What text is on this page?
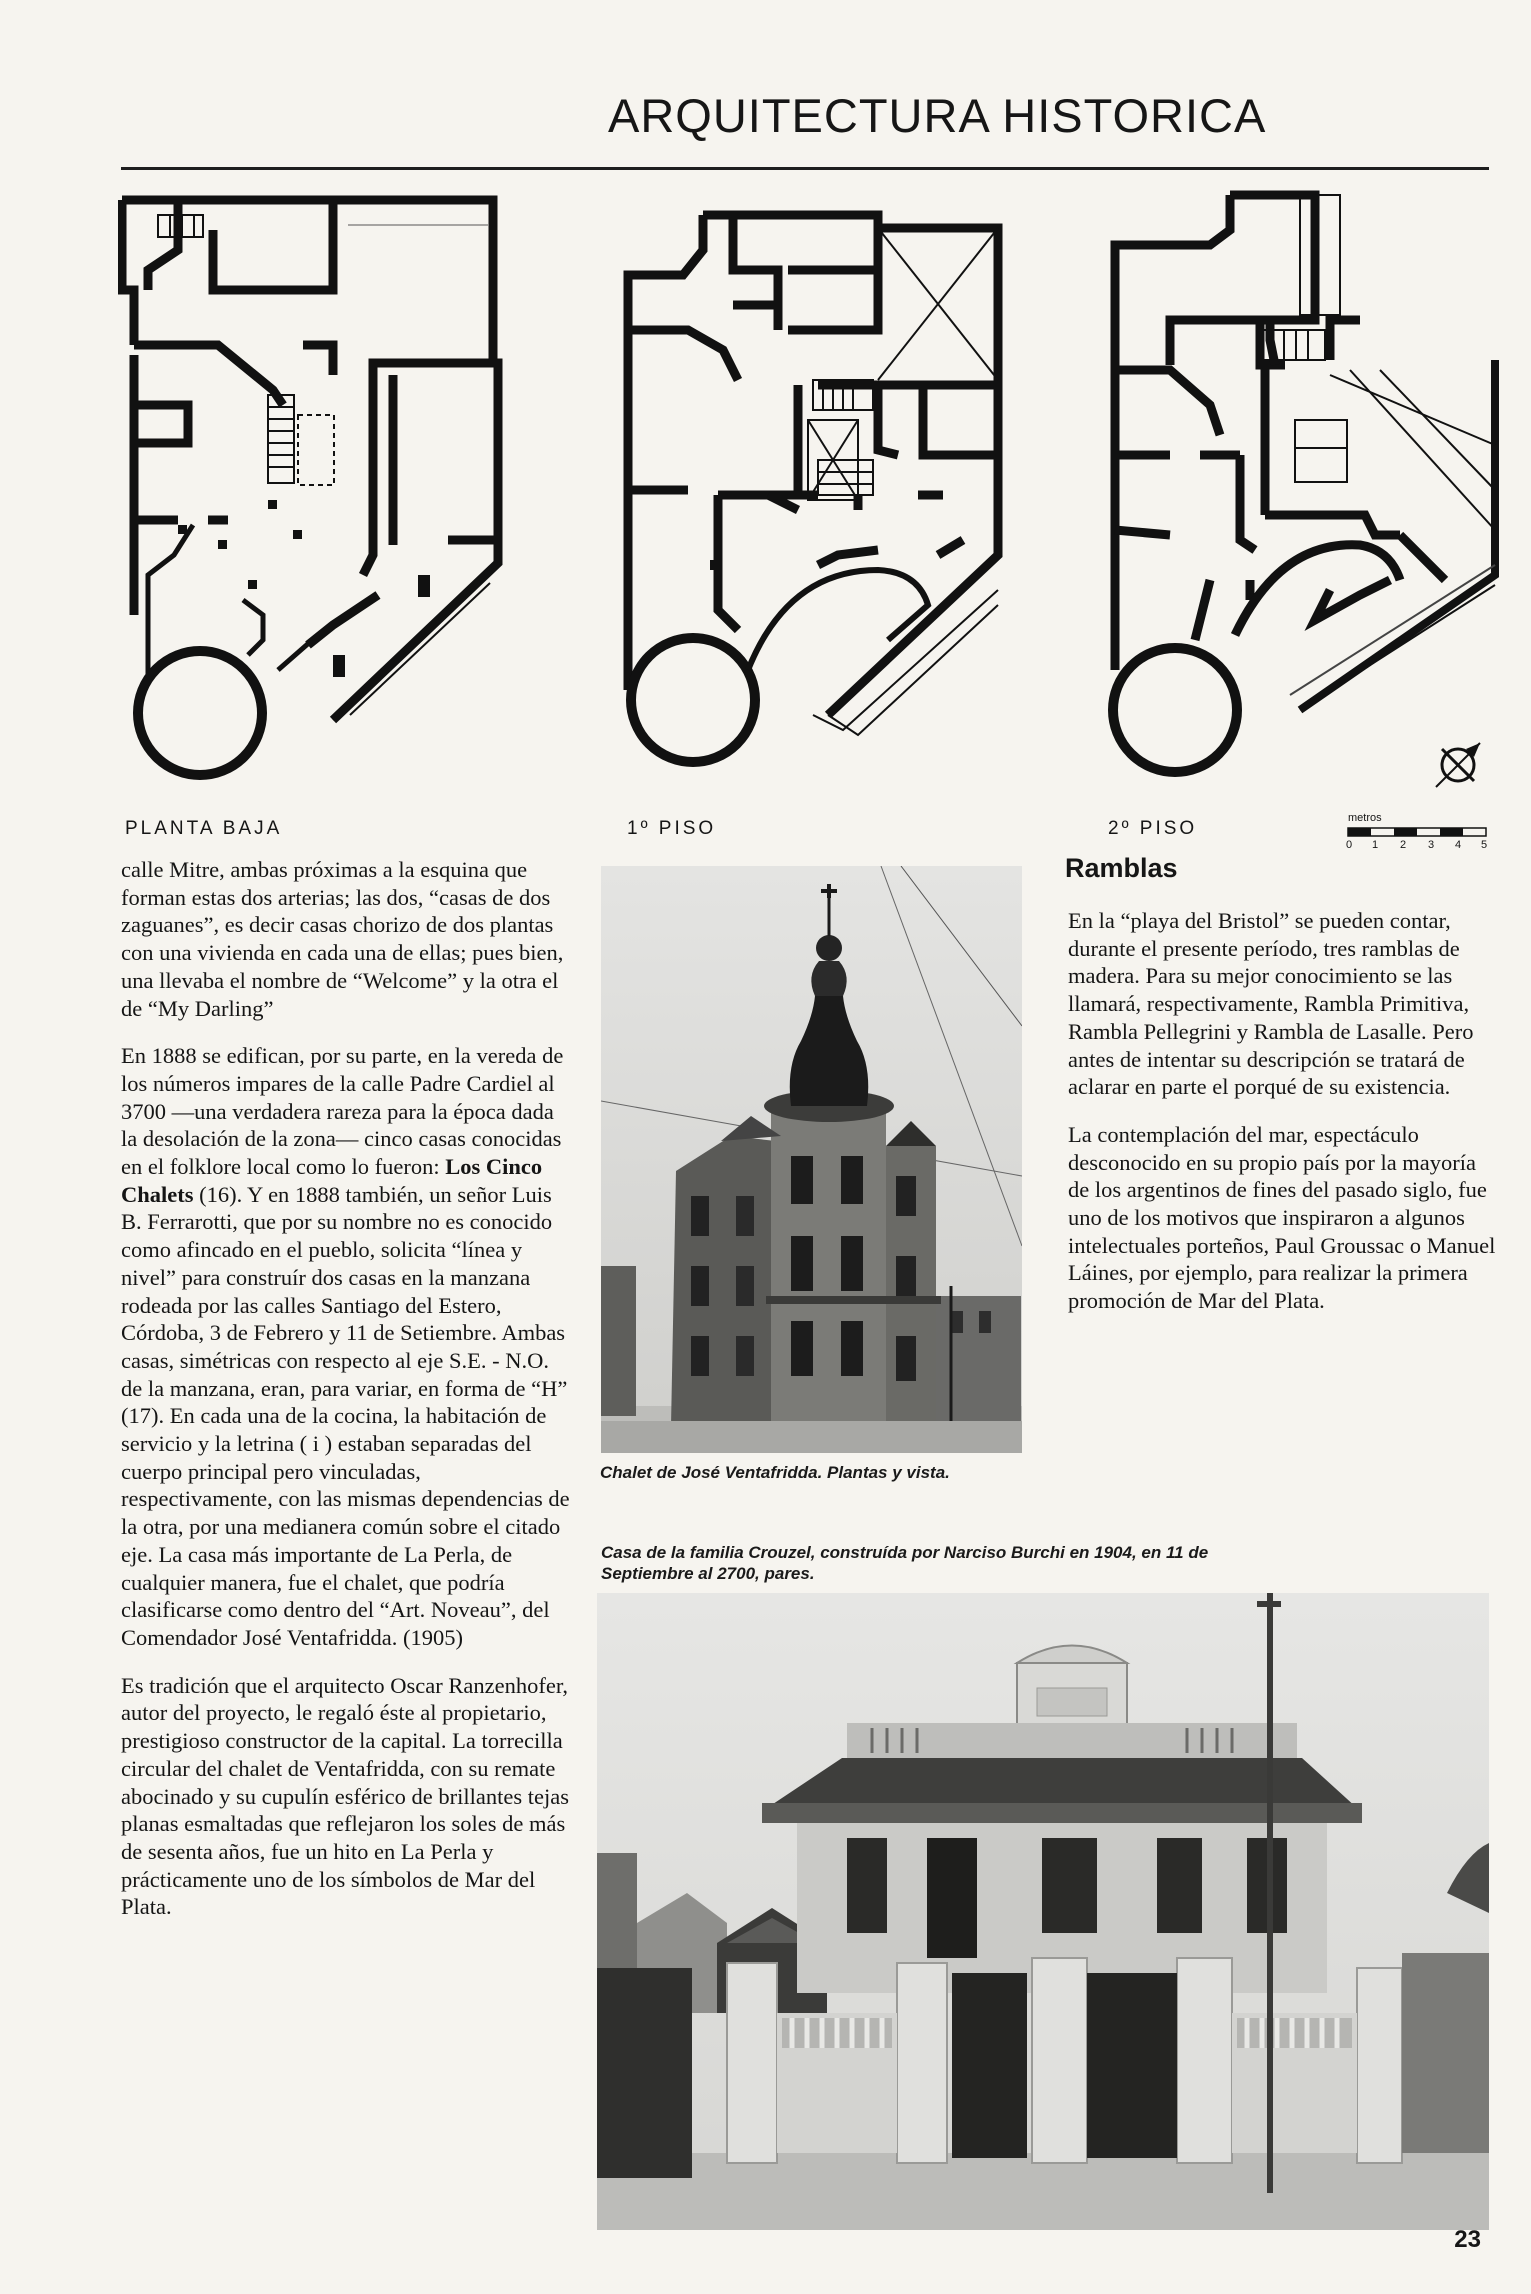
ARQUITECTURA HISTORICA
PLANTA BAJA	1º PISO	2º PISO	metros
0 1 2 3 4 5

calle Mitre, ambas próximas a la esquina que forman estas dos arterias; las dos, “casas de dos zaguanes”, es decir casas chorizo de dos plantas con una vivienda en cada una de ellas; pues bien, una llevaba el nombre de “Welcome” y la otra el de “My Darling”

En 1888 se edifican, por su parte, en la vereda de los números impares de la calle Padre Cardiel al 3700 —una verdadera rareza para la época dada la desolación de la zona— cinco casas conocidas en el folklore local como lo fueron: Los Cinco Chalets (16). Y en 1888 también, un señor Luis B. Ferrarotti, que por su nombre no es conocido como afincado en el pueblo, solicita “línea y nivel” para construír dos casas en la manzana rodeada por las calles Santiago del Estero, Córdoba, 3 de Febrero y 11 de Setiembre. Ambas casas, simétricas con respecto al eje S.E. - N.O. de la manzana, eran, para variar, en forma de “H” (17). En cada una de la cocina, la habitación de servicio y la letrina ( i ) estaban separadas del cuerpo principal pero vinculadas, respectivamente, con las mismas dependencias de la otra, por una medianera común sobre el citado eje. La casa más importante de La Perla, de cualquier manera, fue el chalet, que podría clasificarse como dentro del “Art. Noveau”, del Comendador José Ventafridda. (1905)

Es tradición que el arquitecto Oscar Ranzenhofer, autor del proyecto, le regaló éste al propietario, prestigioso constructor de la capital. La torrecilla circular del chalet de Ventafridda, con su remate abocinado y su cupulín esférico de brillantes tejas planas esmaltadas que reflejaron los soles de más de sesenta años, fue un hito en La Perla y prácticamente uno de los símbolos de Mar del Plata.

Chalet de José Ventafridda. Plantas y vista.
Ramblas

En la “playa del Bristol” se pueden contar, durante el presente período, tres ramblas de madera. Para su mejor conocimiento se las llamará, respectivamente, Rambla Primitiva, Rambla Pellegrini y Rambla de Lasalle. Pero antes de intentar su descripción se tratará de aclarar en parte el porqué de su existencia.

La contemplación del mar, espectáculo desconocido en su propio país por la mayoría de los argentinos de fines del pasado siglo, fue uno de los motivos que inspiraron a algunos intelectuales porteños, Paul Groussac o Manuel Láines, por ejemplo, para realizar la primera promoción de Mar del Plata.

Casa de la familia Crouzel, construída por Narciso Burchi en 1904, en 11 de Septiembre al 2700, pares.
23
